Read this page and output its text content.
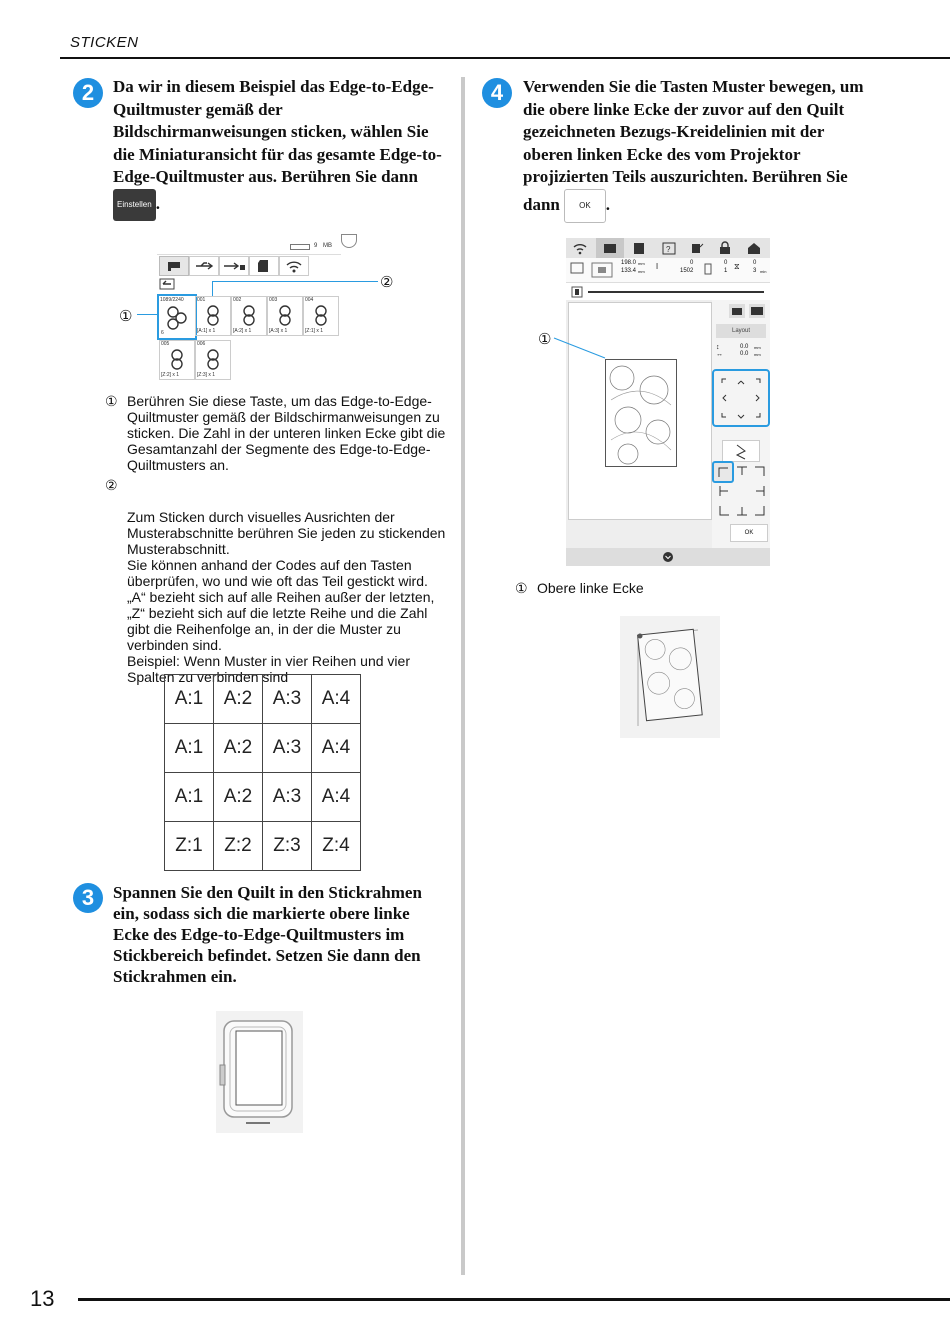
STICKEN
2	Da wir in diesem Beispiel das Edge-to-Edge-Quiltmuster gemäß der Bildschirmanweisungen sticken, wählen Sie die Miniaturansicht für das gesamte Edge-to-Edge-Quiltmuster aus. Berühren Sie dann Einstellen .
9 MB
1089/2240
6
001
[A:1] x 1
002
[A:2] x 1
003
[A:3] x 1
004
[Z:1] x 1
005
[Z:2] x 1
006
[Z:3] x 1
①
②
① Berühren Sie diese Taste, um das Edge-to-Edge-Quiltmuster gemäß der Bildschirmanweisungen zu sticken. Die Zahl in der unteren linken Ecke gibt die Gesamtanzahl der Segmente des Edge-to-Edge-Quiltmusters an.

②

Zum Sticken durch visuelles Ausrichten der Musterabschnitte berühren Sie jeden zu stickenden Musterabschnitt.
Sie können anhand der Codes auf den Tasten überprüfen, wo und wie oft das Teil gestickt wird.
„A“ bezieht sich auf alle Reihen außer der letzten, „Z“ bezieht sich auf die letzte Reihe und die Zahl gibt die Reihenfolge an, in der die Muster zu verbinden sind.
Beispiel: Wenn Muster in vier Reihen und vier Spalten zu verbinden sind

A:1	A:2	A:3	A:4
A:1	A:2	A:3	A:4
A:1	A:2	A:3	A:4
Z:1	Z:2	Z:3	Z:4
3	Spannen Sie den Quilt in den Stickrahmen ein, sodass sich die markierte obere linke Ecke des Edge-to-Edge-Quiltmusters im Stickbereich befindet. Setzen Sie dann den Stickrahmen ein.
4	Verwenden Sie die Tasten Muster bewegen, um die obere linke Ecke der zuvor auf den Quilt gezeichneten Bezugs-Kreidelinien mit der oberen linken Ecke des vom Projektor projizierten Teils auszurichten. Berühren Sie dann OK .
?
198.0 mm
133.4 mm
ǀ	0
1502
0
1 ⧖ 0
3 min
Layout
↕	0.0 mm
↔	0.0 mm
OK
①
① Obere linke Ecke
13
